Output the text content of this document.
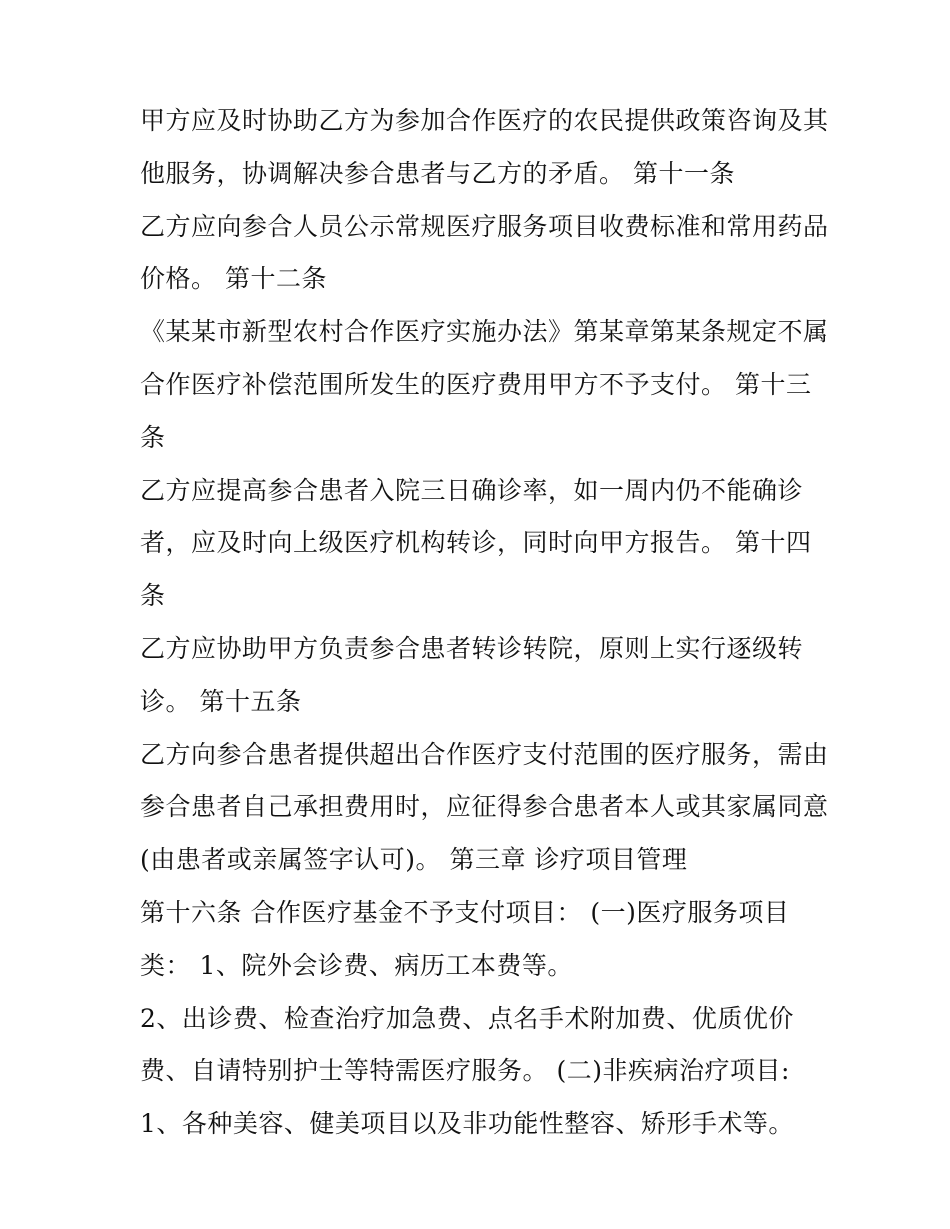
甲方应及时协助乙方为参加合作医疗的农民提供政策咨询及其
他服务，协调解决参合患者与乙方的矛盾。 第十一条
乙方应向参合人员公示常规医疗服务项目收费标准和常用药品
价格。 第十二条
《某某市新型农村合作医疗实施办法》第某章第某条规定不属
合作医疗补偿范围所发生的医疗费用甲方不予支付。 第十三
条
乙方应提高参合患者入院三日确诊率，如一周内仍不能确诊
者，应及时向上级医疗机构转诊，同时向甲方报告。 第十四
条
乙方应协助甲方负责参合患者转诊转院，原则上实行逐级转
诊。 第十五条
乙方向参合患者提供超出合作医疗支付范围的医疗服务，需由
参合患者自己承担费用时，应征得参合患者本人或其家属同意
(由患者或亲属签字认可)。 第三章 诊疗项目管理
第十六条 合作医疗基金不予支付项目： (一)医疗服务项目
类： 1、院外会诊费、病历工本费等。
2、出诊费、检查治疗加急费、点名手术附加费、优质优价
费、自请特别护士等特需医疗服务。 (二)非疾病治疗项目:
1、各种美容、健美项目以及非功能性整容、矫形手术等。
